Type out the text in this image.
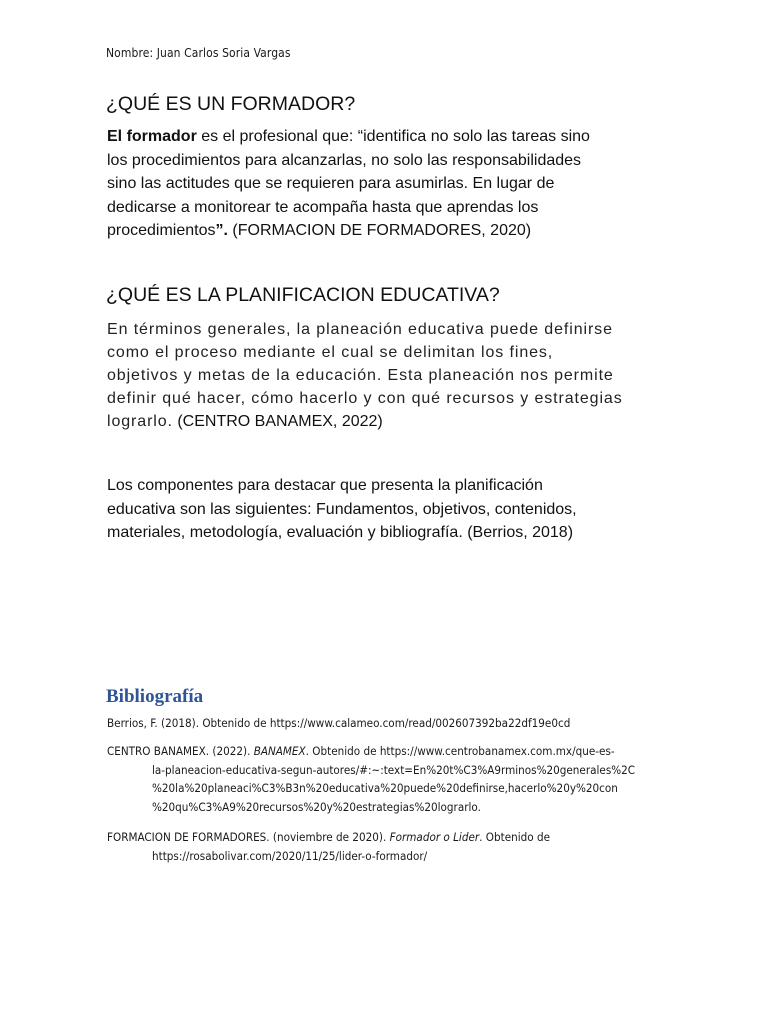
Nombre: Juan Carlos Soria Vargas
¿QUÉ ES UN FORMADOR?

El formador es el profesional que: “identifica no solo las tareas sino
los procedimientos para alcanzarlas, no solo las responsabilidades
sino las actitudes que se requieren para asumirlas. En lugar de
dedicarse a monitorear te acompaña hasta que aprendas los
procedimientos”. (FORMACION DE FORMADORES, 2020)

¿QUÉ ES LA PLANIFICACION EDUCATIVA?

En términos generales, la planeación educativa puede definirse
como el proceso mediante el cual se delimitan los fines,
objetivos y metas de la educación. Esta planeación nos permite
definir qué hacer, cómo hacerlo y con qué recursos y estrategias
lograrlo. (CENTRO BANAMEX, 2022)

Los componentes para destacar que presenta la planificación
educativa son las siguientes: Fundamentos, objetivos, contenidos,
materiales, metodología, evaluación y bibliografía. (Berrios, 2018)

Bibliografía
Berrios, F. (2018). Obtenido de https://www.calameo.com/read/002607392ba22df19e0cd
CENTRO BANAMEX. (2022). BANAMEX. Obtenido de https://www.centrobanamex.com.mx/que-es-
la-planeacion-educativa-segun-autores/#:~:text=En%20t%C3%A9rminos%20generales%2C
%20la%20planeaci%C3%B3n%20educativa%20puede%20definirse,hacerlo%20y%20con
%20qu%C3%A9%20recursos%20y%20estrategias%20lograrlo.
FORMACION DE FORMADORES. (noviembre de 2020). Formador o Lider. Obtenido de
https://rosabolivar.com/2020/11/25/lider-o-formador/
